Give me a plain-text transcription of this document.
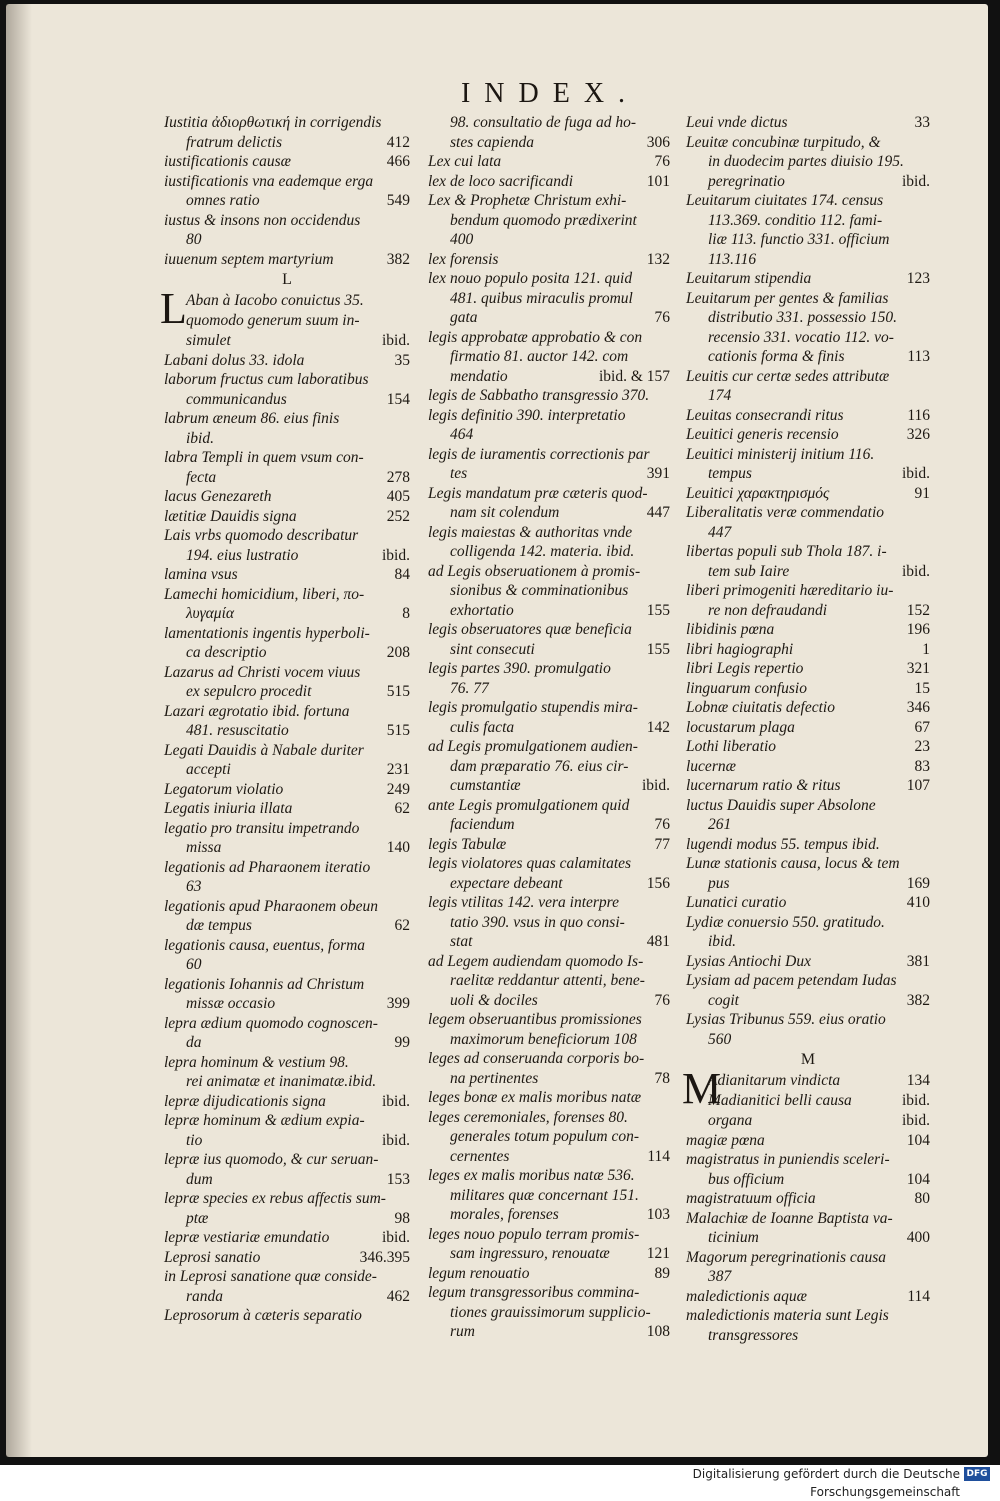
INDEX.
Iustitia ἀδιορθωτική in corrigendis
fratrum delictis	412
iustificationis causæ	466
iustificationis vna eademque erga
omnes ratio	549
iustus & insons non occidendus
80
iuuenum septem martyrium	382
L
Aban à Iacobo conuictus 35.
quomodo generum suum in-
simulet	ibid.
Labani dolus 33. idola	35
laborum fructus cum laboratibus
communicandus	154
labrum æneum 86. eius finis
ibid.
labra Templi in quem vsum con-
fecta	278
lacus Genezareth	405
lætitiæ Dauidis signa	252
Lais vrbs quomodo describatur
194. eius lustratio	ibid.
lamina vsus	84
Lamechi homicidium, liberi, πο-
λυγαμία	8
lamentationis ingentis hyperboli-
ca descriptio	208
Lazarus ad Christi vocem viuus
ex sepulcro procedit	515
Lazari ægrotatio ibid. fortuna
481. resuscitatio	515
Legati Dauidis à Nabale duriter
accepti	231
Legatorum violatio	249
Legatis iniuria illata	62
legatio pro transitu impetrando
missa	140
legationis ad Pharaonem iteratio
63
legationis apud Pharaonem obeun
dæ tempus	62
legationis causa, euentus, forma
60
legationis Iohannis ad Christum
missæ occasio	399
lepra ædium quomodo cognoscen-
da	99
lepra hominum & vestium 98.
rei animatæ et inanimatæ.ibid.
lepræ dijudicationis signa	ibid.
lepræ hominum & ædium expia-
tio	ibid.
lepræ ius quomodo, & cur seruan-
dum	153
lepræ species ex rebus affectis sum-
ptæ	98
lepræ vestiariæ emundatio	ibid.
Leprosi sanatio	346.395
in Leprosi sanatione quæ conside-
randa	462
Leprosorum à cæteris separatio
L
98. consultatio de fuga ad ho-
stes capienda	306
Lex cui lata	76
lex de loco sacrificandi	101
Lex & Prophetæ Christum exhi-
bendum quomodo prædixerint
400
lex forensis	132
lex nouo populo posita 121. quid
481. quibus miraculis promul
gata	76
legis approbatæ approbatio & con
firmatio 81. auctor 142. com
mendatio	ibid. & 157
legis de Sabbatho transgressio 370.
legis definitio 390. interpretatio
464
legis de iuramentis correctionis par
tes	391
Legis mandatum præ cæteris quod-
nam sit colendum	447
legis maiestas & authoritas vnde
colligenda 142. materia. ibid.
ad Legis obseruationem à promis-
sionibus & comminationibus
exhortatio	155
legis obseruatores quæ beneficia
sint consecuti	155
legis partes 390. promulgatio
76. 77
legis promulgatio stupendis mira-
culis facta	142
ad Legis promulgationem audien-
dam præparatio 76. eius cir-
cumstantiæ	ibid.
ante Legis promulgationem quid
faciendum	76
legis Tabulæ	77
legis violatores quas calamitates
expectare debeant	156
legis vtilitas 142. vera interpre
tatio 390. vsus in quo consi-
stat	481
ad Legem audiendam quomodo Is-
raelitæ reddantur attenti, bene-
uoli & dociles	76
legem obseruantibus promissiones
maximorum beneficiorum 108
leges ad conseruanda corporis bo-
na pertinentes	78
leges bonæ ex malis moribus natæ
leges ceremoniales, forenses 80.
generales totum populum con-
cernentes	114
leges ex malis moribus natæ 536.
militares quæ concernant 151.
morales, forenses	103
leges nouo populo terram promis-
sam ingressuro, renouatæ 121
legum renouatio	89
legum transgressoribus commina-
tiones grauissimorum supplicio-
rum	108
Leui vnde dictus	33
Leuitæ concubinæ turpitudo, &
in duodecim partes diuisio 195.
peregrinatio	ibid.
Leuitarum ciuitates 174. census
113.369. conditio 112. fami-
liæ 113. functio 331. officium
113.116
Leuitarum stipendia	123
Leuitarum per gentes & familias
distributio 331. possessio 150.
recensio 331. vocatio 112. vo-
cationis forma & finis	113
Leuitis cur certæ sedes attributæ
174
Leuitas consecrandi ritus	116
Leuitici generis recensio	326
Leuitici ministerij initium 116.
tempus	ibid.
Leuitici χαρακτηρισμός	91
Liberalitatis veræ commendatio
447
libertas populi sub Thola 187. i-
tem sub Iaire	ibid.
liberi primogeniti hæreditario iu-
re non defraudandi	152
libidinis pœna	196
libri hagiographi	1
libri Legis repertio	321
linguarum confusio	15
Lobnæ ciuitatis defectio	346
locustarum plaga	67
Lothi liberatio	23
lucernæ	83
lucernarum ratio & ritus	107
luctus Dauidis super Absolone
261
lugendi modus 55. tempus ibid.
Lunæ stationis causa, locus & tem
pus	169
Lunatici curatio	410
Lydiæ conuersio 550. gratitudo.
ibid.
Lysias Antiochi Dux	381
Lysiam ad pacem petendam Iudas
cogit	382
Lysias Tribunus 559. eius oratio
560
M
Adianitarum vindicta	134
Madianitici belli causa	ibid.
organa	ibid.
magiæ pœna	104
magistratus in puniendis sceleri-
bus officium	104
magistratuum officia	80
Malachiæ de Ioanne Baptista va-
ticinium	400
Magorum peregrinationis causa
387
maledictionis aquæ	114
maledictionis materia sunt Legis
transgressores
M
Digitalisierung gefördert durch die Deutsche Forschungsgemeinschaft
DFG
